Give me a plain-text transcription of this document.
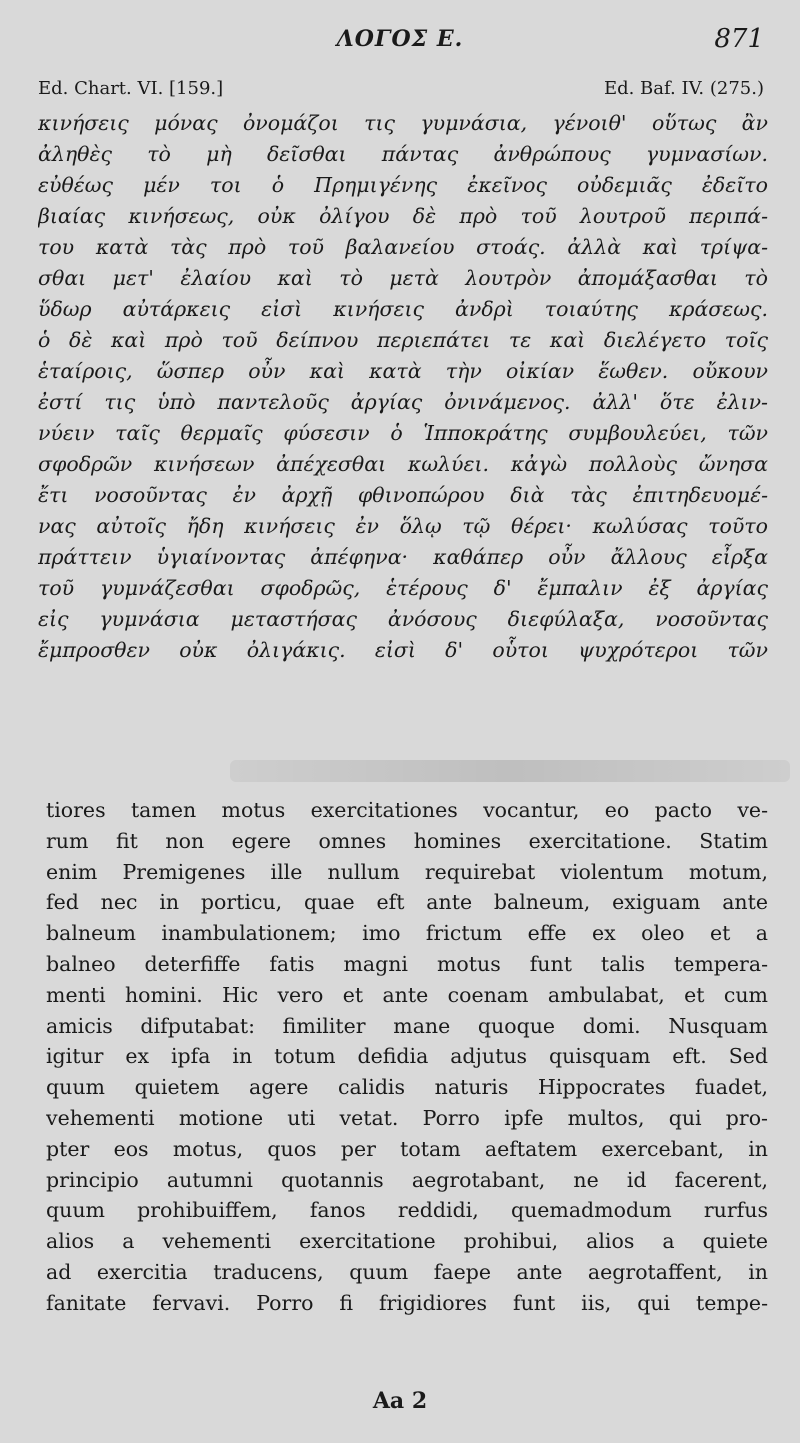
ΛΟΓΟΣ Ε.	871
Ed. Chart. VI. [159.]	Ed. Baf. IV. (275.)
κινήσεις μόνας ὀνομάζοι τις γυμνάσια, γένοιθ' οὕτως ἂν
ἀληθὲς τὸ μὴ δεῖσθαι πάντας ἀνθρώπους γυμνασίων.
εὐθέως μέν τοι ὁ Πρημιγένης ἐκεῖνος οὐδεμιᾶς ἐδεῖτο
βιαίας κινήσεως, οὐκ ὀλίγου δὲ πρὸ τοῦ λουτροῦ περιπά-
του κατὰ τὰς πρὸ τοῦ βαλανείου στοάς. ἀλλὰ καὶ τρίψα-
σθαι μετ' ἐλαίου καὶ τὸ μετὰ λουτρὸν ἀπομάξασθαι τὸ
ὕδωρ αὐτάρκεις εἰσὶ κινήσεις ἀνδρὶ τοιαύτης κράσεως.
ὁ δὲ καὶ πρὸ τοῦ δείπνου περιεπάτει τε καὶ διελέγετο τοῖς
ἑταίροις, ὥσπερ οὖν καὶ κατὰ τὴν οἰκίαν ἕωθεν. οὔκουν
ἐστί τις ὑπὸ παντελοῦς ἀργίας ὀνινάμενος. ἀλλ' ὅτε ἐλιν-
νύειν ταῖς θερμαῖς φύσεσιν ὁ Ἱπποκράτης συμβουλεύει, τῶν
σφοδρῶν κινήσεων ἀπέχεσθαι κωλύει. κἀγὼ πολλοὺς ὤνησα
ἔτι νοσοῦντας ἐν ἀρχῇ φθινοπώρου διὰ τὰς ἐπιτηδευομέ-
νας αὐτοῖς ἤδη κινήσεις ἐν ὅλῳ τῷ θέρει· κωλύσας τοῦτο
πράττειν ὑγιαίνοντας ἀπέφηνα· καθάπερ οὖν ἄλλους εἶρξα
τοῦ γυμνάζεσθαι σφοδρῶς, ἑτέρους δ' ἔμπαλιν ἐξ ἀργίας
εἰς γυμνάσια μεταστήσας ἀνόσους διεφύλαξα, νοσοῦντας
ἔμπροσθεν οὐκ ὀλιγάκις. εἰσὶ δ' οὗτοι ψυχρότεροι τῶν
tiores tamen motus exercitationes vocantur, eo pacto ve-
rum fit non egere omnes homines exercitatione. Statim
enim Premigenes ille nullum requirebat violentum motum,
fed nec in porticu, quae eft ante balneum, exiguam ante
balneum inambulationem; imo frictum effe ex oleo et a
balneo deterfiffe fatis magni motus funt talis tempera-
menti homini. Hic vero et ante coenam ambulabat, et cum
amicis difputabat: fimiliter mane quoque domi. Nusquam
igitur ex ipfa in totum defidia adjutus quisquam eft. Sed
quum quietem agere calidis naturis Hippocrates fuadet,
vehementi motione uti vetat. Porro ipfe multos, qui pro-
pter eos motus, quos per totam aeftatem exercebant, in
principio autumni quotannis aegrotabant, ne id facerent,
quum prohibuiffem, fanos reddidi, quemadmodum rurfus
alios a vehementi exercitatione prohibui, alios a quiete
ad exercitia traducens, quum faepe ante aegrotaffent, in
fanitate fervavi. Porro fi frigidiores funt iis, qui tempe-
Aa 2
